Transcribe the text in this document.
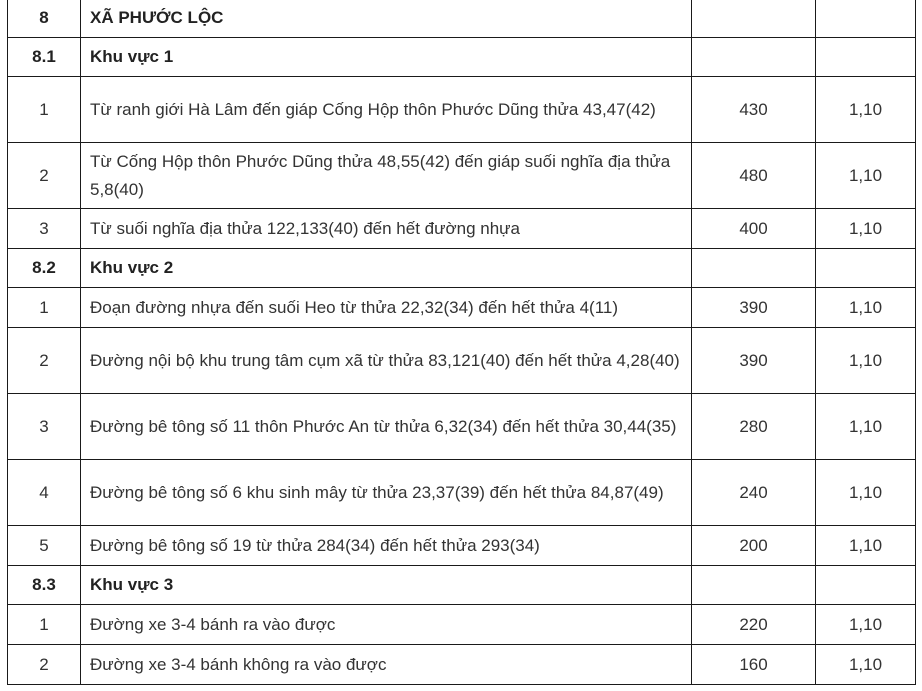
8	XÃ PHƯỚC LỘC		
8.1	Khu vực 1		
1	Từ ranh giới Hà Lâm đến giáp Cống Hộp thôn Phước Dũng thửa 43,47(42)	430	1,10
2	Từ Cống Hộp thôn Phước Dũng thửa 48,55(42) đến giáp suối nghĩa địa thửa 5,8(40)	480	1,10
3	Từ suối nghĩa địa thửa 122,133(40) đến hết đường nhựa	400	1,10
8.2	Khu vực 2		
1	Đoạn đường nhựa đến suối Heo từ thửa 22,32(34) đến hết thửa 4(11)	390	1,10
2	Đường nội bộ khu trung tâm cụm xã từ thửa 83,121(40) đến hết thửa 4,28(40)	390	1,10
3	Đường bê tông số 11 thôn Phước An từ thửa 6,32(34) đến hết thửa 30,44(35)	280	1,10
4	Đường bê tông số 6 khu sinh mây từ thửa 23,37(39) đến hết thửa 84,87(49)	240	1,10
5	Đường bê tông số 19 từ thửa 284(34) đến hết thửa 293(34)	200	1,10
8.3	Khu vực 3		
1	Đường xe 3-4 bánh ra vào được	220	1,10
2	Đường xe 3-4 bánh không ra vào được	160	1,10
